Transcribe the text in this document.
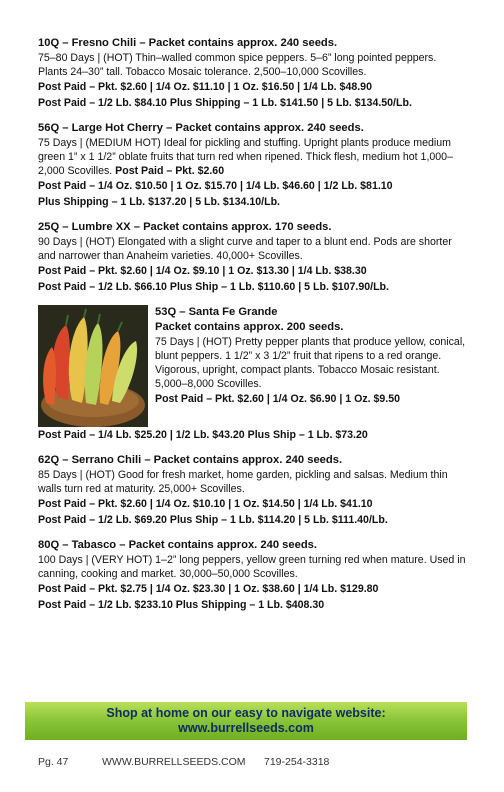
10Q – Fresno Chili – Packet contains approx. 240 seeds.
75–80 Days | (HOT) Thin–walled common spice peppers. 5–6” long pointed peppers. Plants 24–30” tall. Tobacco Mosaic tolerance. 2,500–10,000 Scovilles.
Post Paid – Pkt. $2.60 | 1/4 Oz. $11.10 | 1 Oz. $16.50 | 1/4 Lb. $48.90
Post Paid – 1/2 Lb. $84.10 Plus Shipping – 1 Lb. $141.50 | 5 Lb. $134.50/Lb.
56Q – Large Hot Cherry – Packet contains approx. 240 seeds.
75 Days | (MEDIUM HOT) Ideal for pickling and stuffing. Upright plants produce medium green 1” x 1 1/2” oblate fruits that turn red when ripened. Thick flesh, medium hot 1,000–2,000 Scovilles. Post Paid – Pkt. $2.60
Post Paid – 1/4 Oz. $10.50 | 1 Oz. $15.70 | 1/4 Lb. $46.60 | 1/2 Lb. $81.10
Plus Shipping – 1 Lb. $137.20 | 5 Lb. $134.10/Lb.
25Q – Lumbre XX – Packet contains approx. 170 seeds.
90 Days | (HOT) Elongated with a slight curve and taper to a blunt end. Pods are shorter and narrower than Anaheim varieties. 40,000+ Scovilles.
Post Paid – Pkt. $2.60 | 1/4 Oz. $9.10 | 1 Oz. $13.30 | 1/4 Lb. $38.30
Post Paid – 1/2 Lb. $66.10 Plus Ship – 1 Lb. $110.60 | 5 Lb. $107.90/Lb.
53Q – Santa Fe Grande
Packet contains approx. 200 seeds.
75 Days | (HOT) Pretty pepper plants that produce yellow, conical, blunt peppers. 1 1/2” x 3 1/2” fruit that ripens to a red orange. Vigorous, upright, compact plants. Tobacco Mosaic resistant. 5,000–8,000 Scovilles.
Post Paid – Pkt. $2.60 | 1/4 Oz. $6.90 | 1 Oz. $9.50
Post Paid – 1/4 Lb. $25.20 | 1/2 Lb. $43.20 Plus Ship – 1 Lb. $73.20
62Q – Serrano Chili – Packet contains approx. 240 seeds.
85 Days | (HOT) Good for fresh market, home garden, pickling and salsas. Medium thin walls turn red at maturity. 25,000+ Scovilles.
Post Paid – Pkt. $2.60 | 1/4 Oz. $10.10 | 1 Oz. $14.50 | 1/4 Lb. $41.10
Post Paid – 1/2 Lb. $69.20 Plus Ship – 1 Lb. $114.20 | 5 Lb. $111.40/Lb.
80Q – Tabasco – Packet contains approx. 240 seeds.
100 Days | (VERY HOT) 1–2” long peppers, yellow green turning red when mature. Used in canning, cooking and market. 30,000–50,000 Scovilles.
Post Paid – Pkt. $2.75 | 1/4 Oz. $23.30 | 1 Oz. $38.60 | 1/4 Lb. $129.80
Post Paid – 1/2 Lb. $233.10 Plus Shipping – 1 Lb. $408.30
Shop at home on our easy to navigate website:
www.burrellseeds.com
Pg. 47	WWW.BURRELLSEEDS.COM	719-254-3318
